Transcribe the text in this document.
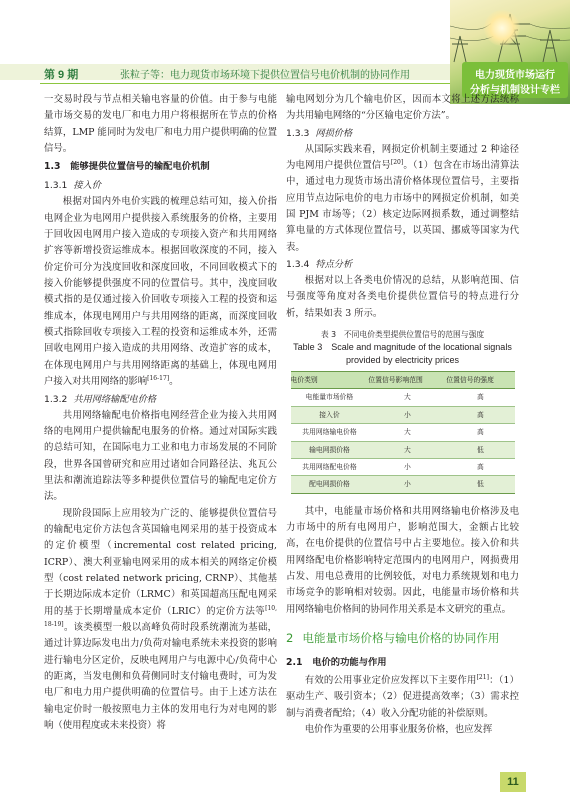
第 9 期	张粒子等：电力现货市场环境下提供位置信号电价机制的协同作用	电力现货市场运行
分析与机制设计专栏

一交易时段与节点相关输电容量的价值。由于参与电能量市场交易的发电厂和电力用户将根据所在节点的价格结算，LMP 能同时为发电厂和电力用户提供明确的位置信号。

1.3 能够提供位置信号的输配电价机制
1.3.1 接入价

根据对国内外电价实践的梳理总结可知，接入价指电网企业为电网用户提供接入系统服务的价格，主要用于回收因电网用户接入造成的专项接入资产和共用网络扩容等新增投资运维成本。根据回收深度的不同，接入价定价可分为浅度回收和深度回收，不同回收模式下的接入价能够提供强度不同的位置信号。其中，浅度回收模式指的是仅通过接入价回收专项接入工程的投资和运维成本，体现电网用户与共用网络的距离，而深度回收模式指除回收专项接入工程的投资和运维成本外，还需回收电网用户接入造成的共用网络、改造扩容的成本，在体现电网用户与共用网络距离的基础上，体现电网用户接入对共用网络的影响[16-17]。

1.3.2 共用网络输配电价格

共用网络输配电价格指电网经营企业为接入共用网络的电网用户提供输配电服务的价格。通过对国际实践的总结可知，在国际电力工业和电力市场发展的不同阶段，世界各国曾研究和应用过诸如合同路径法、兆瓦公里法和潮流追踪法等多种提供位置信号的输配电定价方法。

现阶段国际上应用较为广泛的、能够提供位置信号的输配电定价方法包含英国输电网采用的基于投资成本的定价模型（incremental cost related pricing, ICRP）、澳大利亚输电网采用的成本相关的网络定价模型（cost related network pricing, CRNP）、其他基于长期边际成本定价（LRMC）和英国超高压配电网采用的基于长期增量成本定价（LRIC）的定价方法等[10, 18-19]。该类模型一般以高峰负荷时段系统潮流为基础，通过计算边际发电出力/负荷对输电系统未来投资的影响进行输电分区定价，反映电网用户与电源中心/负荷中心的距离，当发电侧和负荷侧同时支付输电费时，可为发电厂和电力用户提供明确的位置信号。由于上述方法在输电定价时一般按照电力主体的发用电行为对电网的影响（使用程度或未来投资）将

输电网划分为几个输电价区，因而本文将上述方法统称为共用输电网络的“分区输电定价方法”。

1.3.3 网损价格

从国际实践来看，网损定价机制主要通过 2 种途径为电网用户提供位置信号[20]。（1）包含在市场出清算法中，通过电力现货市场出清价格体现位置信号，主要指应用节点边际电价的电力市场中的网损定价机制，如美国 PJM 市场等；（2）核定边际网损系数，通过调整结算电量的方式体现位置信号，以英国、挪威等国家为代表。

1.3.4 特点分析

根据对以上各类电价情况的总结，从影响范围、信号强度等角度对各类电价提供位置信号的特点进行分析，结果如表 3 所示。

表 3　不同电价类型提供位置信号的范围与强度
Table 3　Scale and magnitude of the locational signals
provided by electricity prices
电价类别	位置信号影响范围	位置信号的强度
电能量市场价格	大	高
接入价	小	高
共用网络输电价格	大	高
输电网损价格	大	低
共用网络配电价格	小	高
配电网损价格	小	低

其中，电能量市场价格和共用网络输电价格涉及电力市场中的所有电网用户，影响范围大，金额占比较高，在电价提供的位置信号中占主要地位。接入价和共用网络配电价格影响特定范围内的电网用户，网损费用占发、用电总费用的比例较低，对电力系统规划和电力市场竞争的影响相对较弱。因此，电能量市场价格和共用网络输电价格间的协同作用关系是本文研究的重点。

2 电能量市场价格与输电价格的协同作用
2.1 电价的功能与作用

有效的公用事业定价应发挥以下主要作用[21]：（1）驱动生产、吸引资本；（2）促进提高效率；（3）需求控制与消费者配给；（4）收入分配功能的补偿原则。

电价作为重要的公用事业服务价格，也应发挥

11
